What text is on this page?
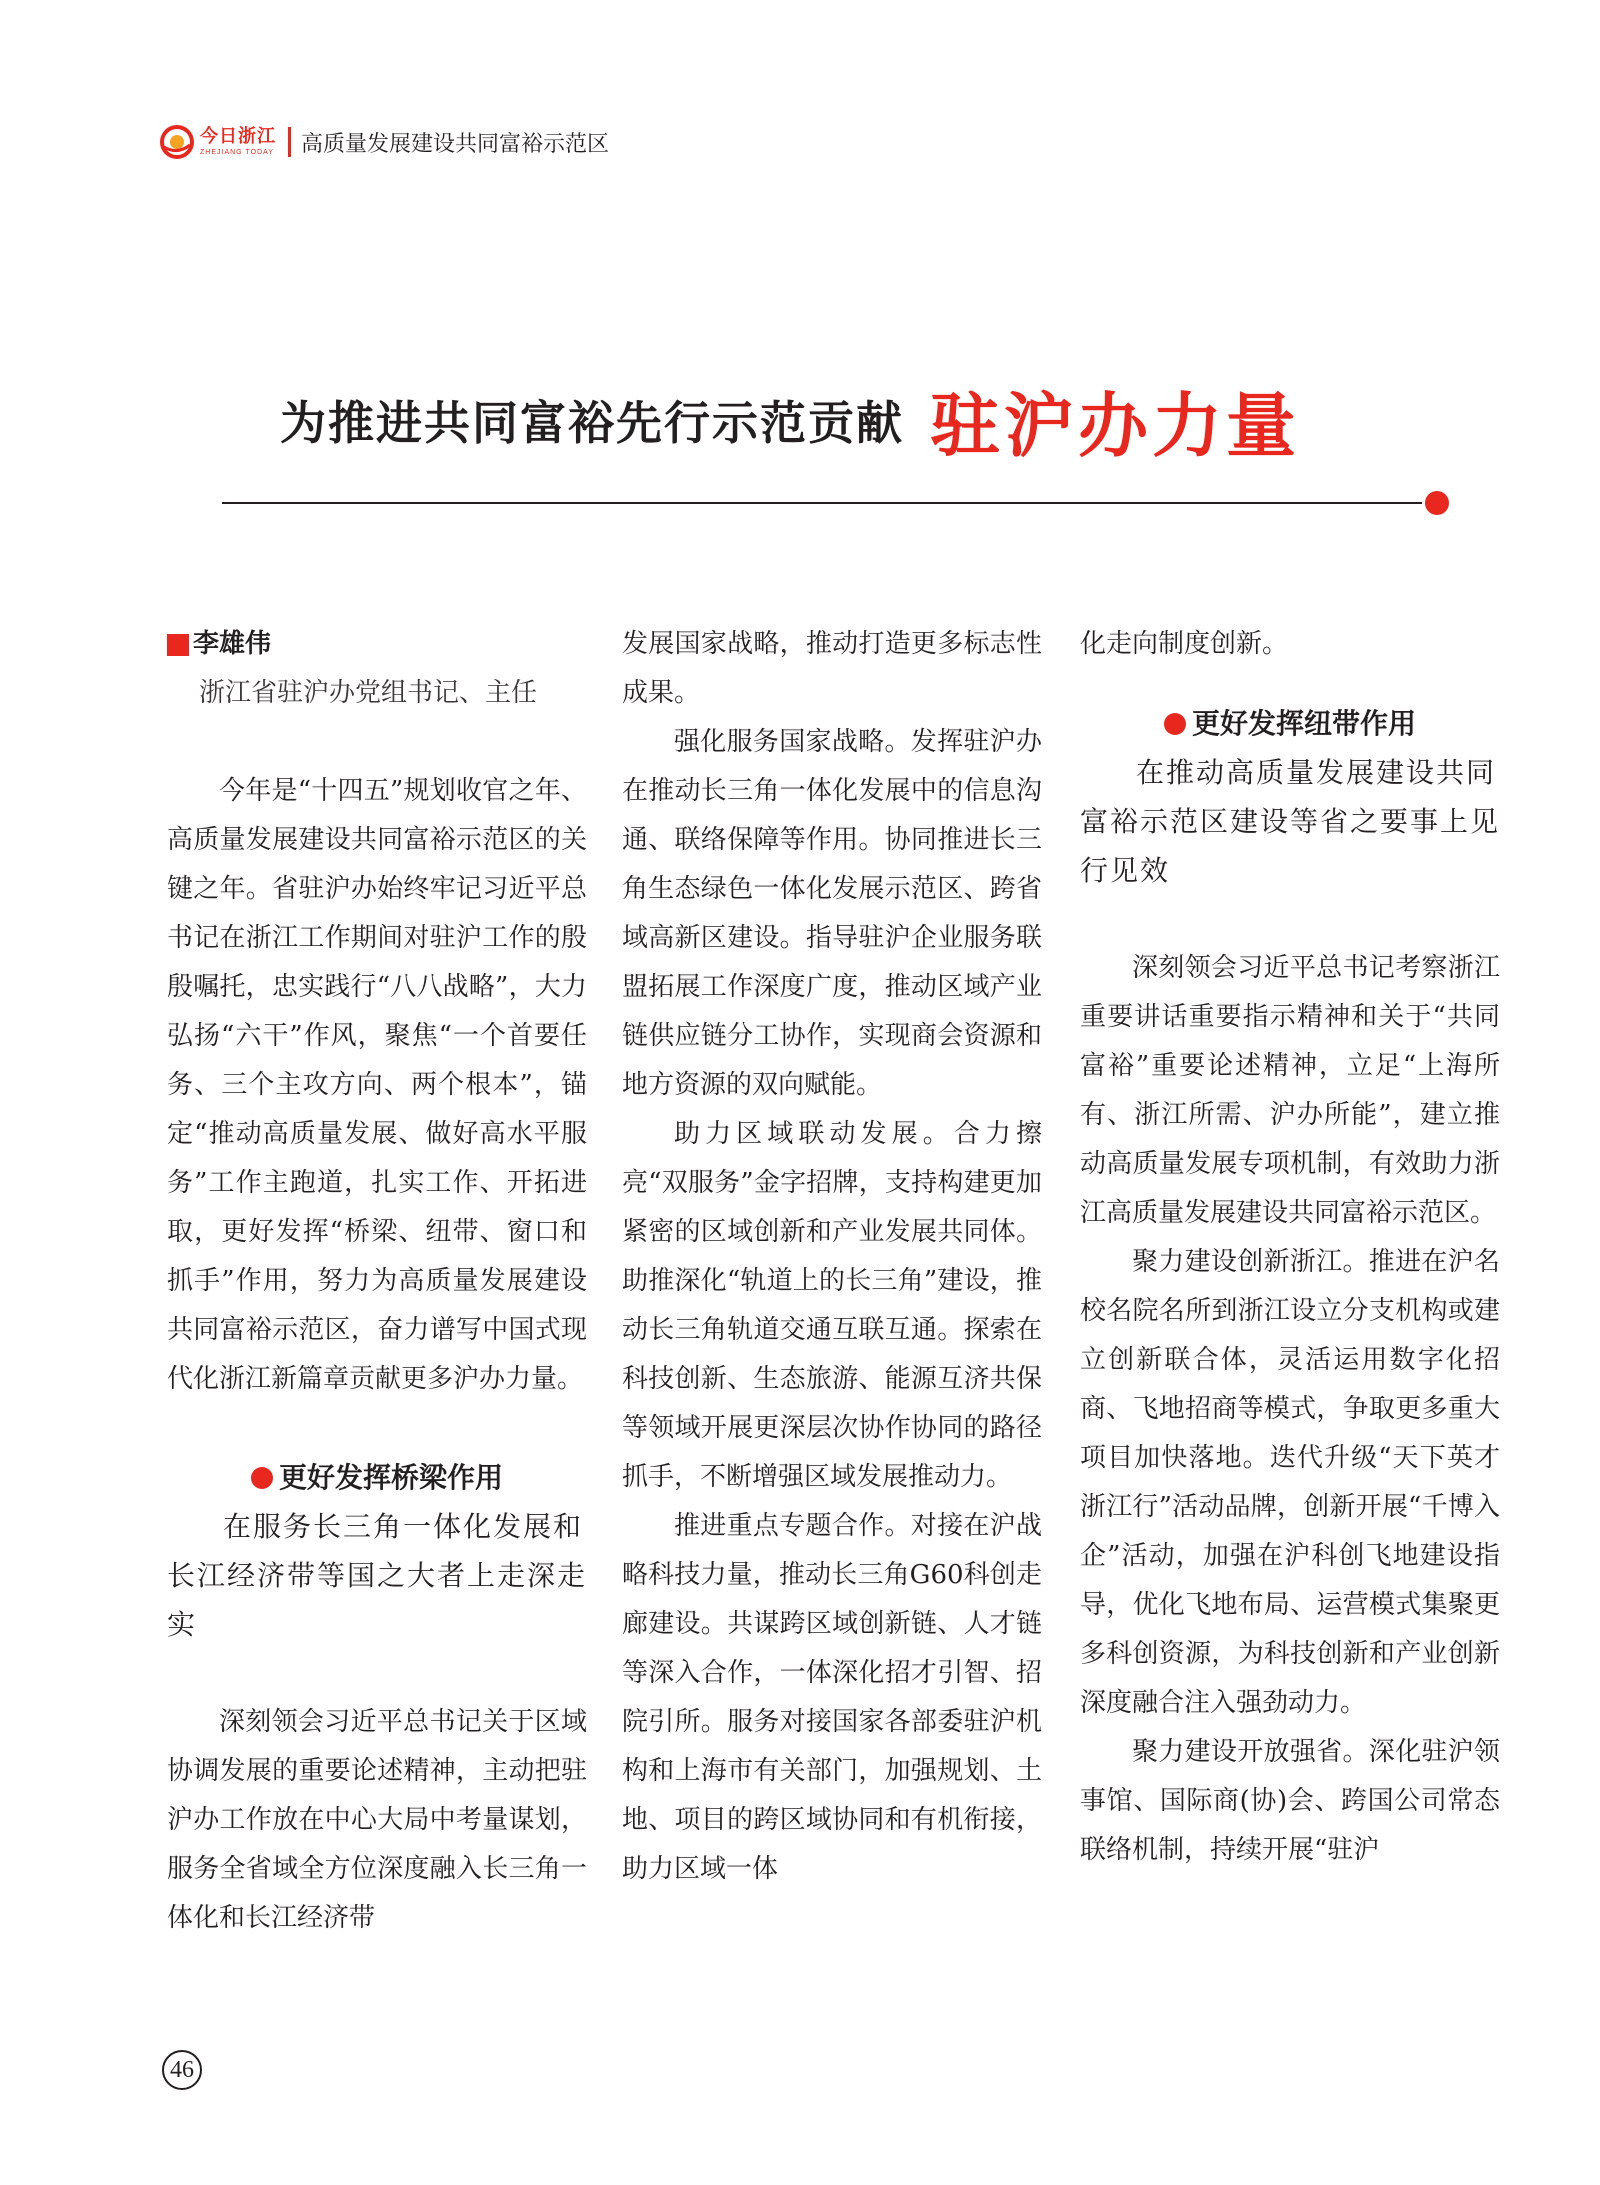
今日浙江
ZHEJIANG TODAY 高质量发展建设共同富裕示范区
为推进共同富裕先行示范贡献 驻沪办力量
李雄伟
浙江省驻沪办党组书记、主任

今年是“十四五”规划收官之年、高质量发展建设共同富裕示范区的关键之年。省驻沪办始终牢记习近平总书记在浙江工作期间对驻沪工作的殷殷嘱托，忠实践行“八八战略”，大力弘扬“六干”作风，聚焦“一个首要任务、三个主攻方向、两个根本”，锚定“推动高质量发展、做好高水平服务”工作主跑道，扎实工作、开拓进取，更好发挥“桥梁、纽带、窗口和抓手”作用，努力为高质量发展建设共同富裕示范区，奋力谱写中国式现代化浙江新篇章贡献更多沪办力量。

更好发挥桥梁作用
在服务长三角一体化发展和长江经济带等国之大者上走深走实

深刻领会习近平总书记关于区域协调发展的重要论述精神，主动把驻沪办工作放在中心大局中考量谋划，服务全省域全方位深度融入长三角一体化和长江经济带

发展国家战略，推动打造更多标志性成果。

强化服务国家战略。发挥驻沪办在推动长三角一体化发展中的信息沟通、联络保障等作用。协同推进长三角生态绿色一体化发展示范区、跨省域高新区建设。指导驻沪企业服务联盟拓展工作深度广度，推动区域产业链供应链分工协作，实现商会资源和地方资源的双向赋能。

助力区域联动发展。合力擦亮“双服务”金字招牌，支持构建更加紧密的区域创新和产业发展共同体。助推深化“轨道上的长三角”建设，推动长三角轨道交通互联互通。探索在科技创新、生态旅游、能源互济共保等领域开展更深层次协作协同的路径抓手，不断增强区域发展推动力。

推进重点专题合作。对接在沪战略科技力量，推动长三角G60科创走廊建设。共谋跨区域创新链、人才链等深入合作，一体深化招才引智、招院引所。服务对接国家各部委驻沪机构和上海市有关部门，加强规划、土地、项目的跨区域协同和有机衔接，助力区域一体

化走向制度创新。

更好发挥纽带作用
在推动高质量发展建设共同富裕示范区建设等省之要事上见行见效

深刻领会习近平总书记考察浙江重要讲话重要指示精神和关于“共同富裕”重要论述精神，立足“上海所有、浙江所需、沪办所能”，建立推动高质量发展专项机制，有效助力浙江高质量发展建设共同富裕示范区。

聚力建设创新浙江。推进在沪名校名院名所到浙江设立分支机构或建立创新联合体，灵活运用数字化招商、飞地招商等模式，争取更多重大项目加快落地。迭代升级“天下英才浙江行”活动品牌，创新开展“千博入企”活动，加强在沪科创飞地建设指导，优化飞地布局、运营模式集聚更多科创资源，为科技创新和产业创新深度融合注入强劲动力。

聚力建设开放强省。深化驻沪领事馆、国际商(协)会、跨国公司常态联络机制，持续开展“驻沪

46
